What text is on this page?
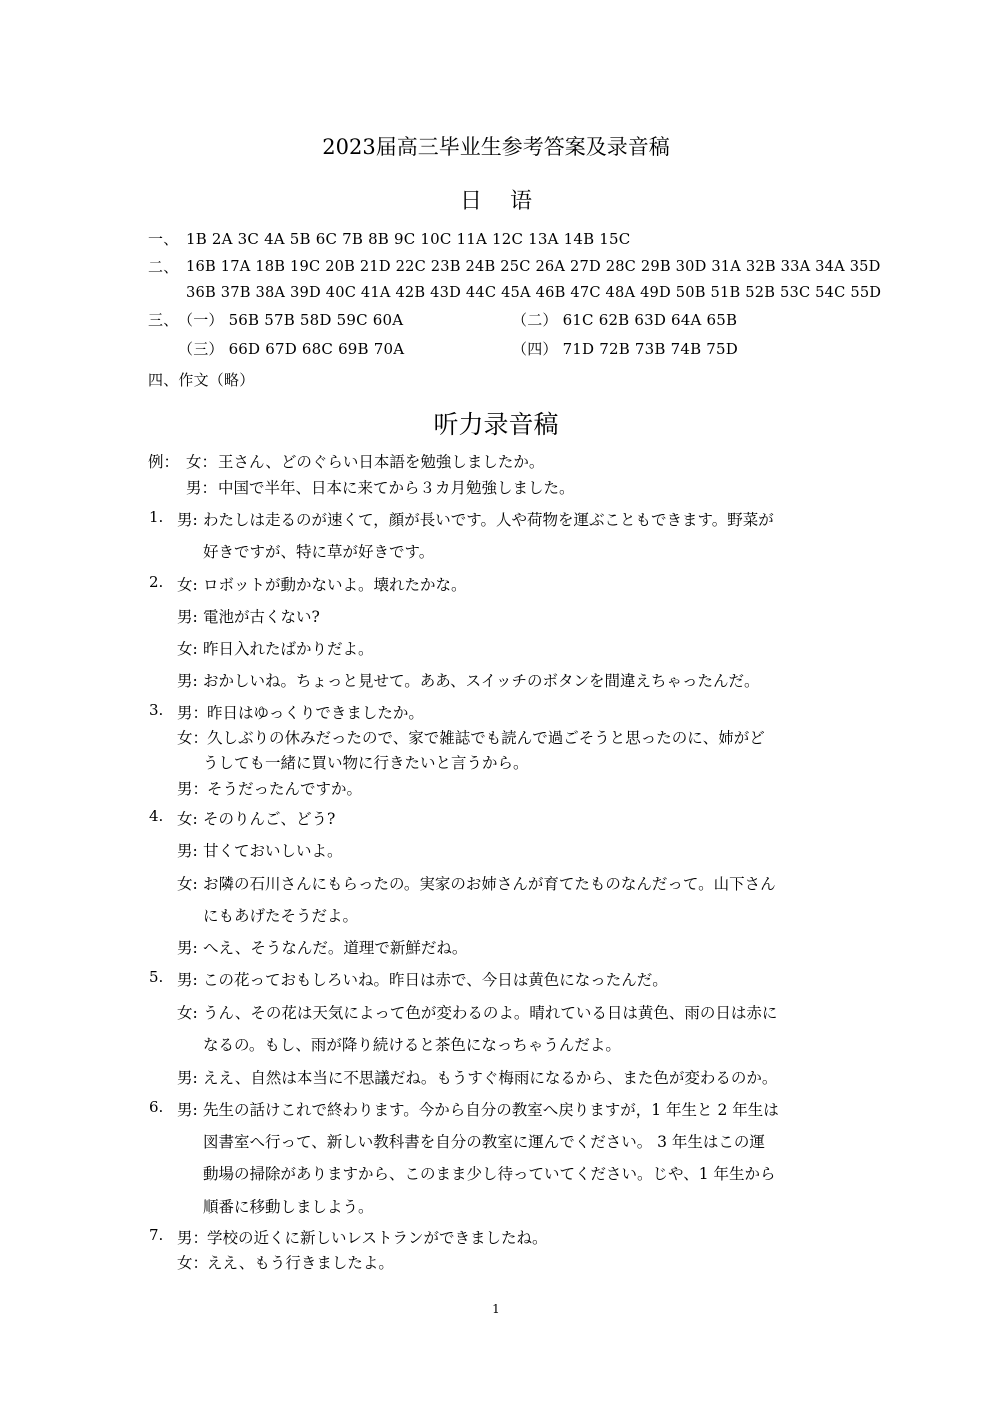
2023届高三毕业生参考答案及录音稿
日语
一、 1B 2A 3C 4A 5B 6C 7B 8B 9C 10C 11A 12C 13A 14B 15C
二、 16B 17A 18B 19C 20B 21D 22C 23B 24B 25C 26A 27D 28C 29B 30D 31A 32B 33A 34A 35D
36B 37B 38A 39D 40C 41A 42B 43D 44C 45A 46B 47C 48A 49D 50B 51B 52B 53C 54C 55D
三、 （一） 56B 57B 58D 59C 60A	（二） 61C 62B 63D 64A 65B
（三） 66D 67D 68C 69B 70A	（四） 71D 72B 73B 74B 75D
四、作文（略）
听力录音稿
例： 女： 王さん、どのぐらい日本語を勉強しましたか。
男： 中国で半年、日本に来てから３カ月勉強しました。
1. 男: わたしは走るのが速くて，顔が長いです。人や荷物を運ぶこともできます。野菜が
好きですが、特に草が好きです。
2. 女: ロボットが動かないよ。壊れたかな。
男: 電池が古くない?
女: 昨日入れたばかりだよ。
男: おかしいね。ちょっと見せて。ああ、スイッチのボタンを間違えちゃったんだ。
3. 男：
昨日はゆっくりできましたか。
女：
久しぶりの休みだったので、家で雑誌でも読んで過ごそうと思ったのに、姉がど
うしても一緒に買い物に行きたいと言うから。
男：
そうだったんですか。
4. 女: そのりんご、どう?
男: 甘くておいしいよ。
女: お隣の石川さんにもらったの。実家のお姉さんが育てたものなんだって。山下さん
にもあげたそうだよ。
男: へえ、そうなんだ。道理で新鮮だね。
5. 男: この花っておもしろいね。昨日は赤で、今日は黄色になったんだ。
女: うん、その花は天気によって色が変わるのよ。晴れている日は黄色、雨の日は赤に
なるの。もし、雨が降り続けると茶色になっちゃうんだよ。
男: ええ、自然は本当に不思議だね。もうすぐ梅雨になるから、また色が変わるのか。
6. 男: 先生の話けこれで終わります。今から自分の教室へ戻りますが，1 年生と 2 年生は
図書室へ行って、新しい教科書を自分の教室に運んでください。 3 年生はこの運
動場の掃除がありますから、このまま少し待っていてください。じや、1 年生から
順番に移動しましよう。
7. 男：
学校の近くに新しいレストランができましたね。
女：
ええ、もう行きましたよ。
1
